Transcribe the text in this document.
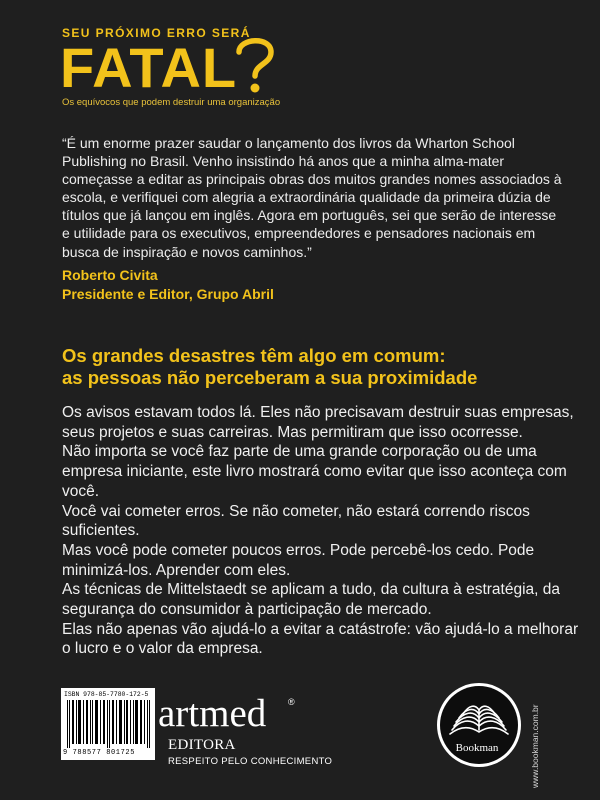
SEU PRÓXIMO ERRO SERÁ
FATAL
Os equívocos que podem destruir uma organização

“É um enorme prazer saudar o lançamento dos livros da Wharton School Publishing no Brasil. Venho insistindo há anos que a minha alma-mater começasse a editar as principais obras dos muitos grandes nomes associados à escola, e verifiquei com alegria a extraordinária qualidade da primeira dúzia de títulos que já lançou em inglês. Agora em português, sei que serão de interesse e utilidade para os executivos, empreendedores e pensadores nacionais em busca de inspiração e novos caminhos.”

Roberto Civita
Presidente e Editor, Grupo Abril
Os grandes desastres têm algo em comum:
as pessoas não perceberam a sua proximidade

Os avisos estavam todos lá. Eles não precisavam destruir suas empresas, seus projetos e suas carreiras. Mas permitiram que isso ocorresse.

Não importa se você faz parte de uma grande corporação ou de uma empresa iniciante, este livro mostrará como evitar que isso aconteça com você.

Você vai cometer erros. Se não cometer, não estará correndo riscos suficientes.

Mas você pode cometer poucos erros. Pode percebê-los cedo. Pode minimizá-los. Aprender com eles.

As técnicas de Mittelstaedt se aplicam a tudo, da cultura à estratégia, da segurança do consumidor à participação de mercado.

Elas não apenas vão ajudá-lo a evitar a catástrofe: vão ajudá-lo a melhorar o lucro e o valor da empresa.

ISBN 978-85-7780-172-5
9 788577 801725
artmed ®
EDITORA
RESPEITO PELO CONHECIMENTO
Bookman	www.bookman.com.br
